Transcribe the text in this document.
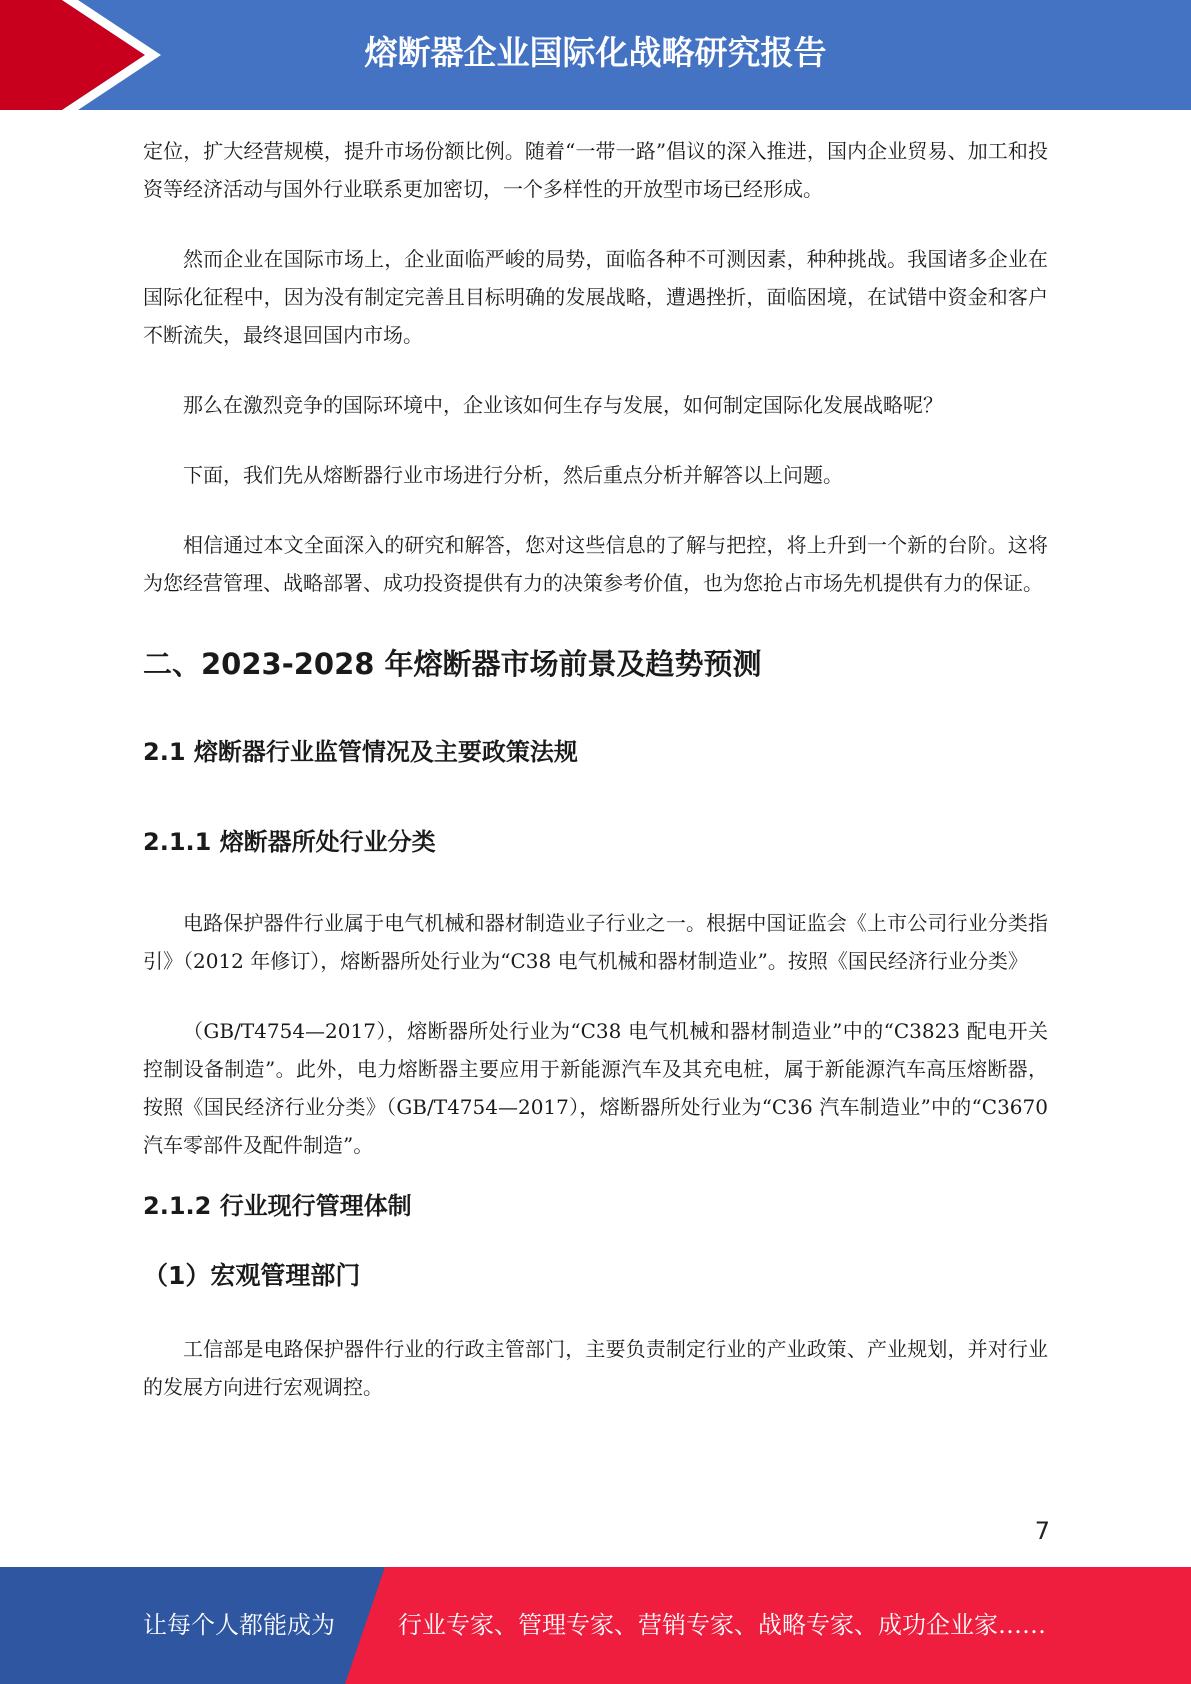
熔断器企业国际化战略研究报告

定位，扩大经营规模，提升市场份额比例。随着“一带一路”倡议的深入推进，国内企业贸易、加工和投资等经济活动与国外行业联系更加密切，一个多样性的开放型市场已经形成。

然而企业在国际市场上，企业面临严峻的局势，面临各种不可测因素，种种挑战。我国诸多企业在国际化征程中，因为没有制定完善且目标明确的发展战略，遭遇挫折，面临困境，在试错中资金和客户不断流失，最终退回国内市场。

那么在激烈竞争的国际环境中，企业该如何生存与发展，如何制定国际化发展战略呢？

下面，我们先从熔断器行业市场进行分析，然后重点分析并解答以上问题。

相信通过本文全面深入的研究和解答，您对这些信息的了解与把控，将上升到一个新的台阶。这将为您经营管理、战略部署、成功投资提供有力的决策参考价值，也为您抢占市场先机提供有力的保证。

二、2023-2028 年熔断器市场前景及趋势预测
2.1 熔断器行业监管情况及主要政策法规
2.1.1 熔断器所处行业分类

电路保护器件行业属于电气机械和器材制造业子行业之一。根据中国证监会《上市公司行业分类指引》（2012 年修订），熔断器所处行业为“C38 电气机械和器材制造业”。按照《国民经济行业分类》

（GB/T4754—2017），熔断器所处行业为“C38 电气机械和器材制造业”中的“C3823 配电开关控制设备制造”。此外，电力熔断器主要应用于新能源汽车及其充电桩，属于新能源汽车高压熔断器，按照《国民经济行业分类》（GB/T4754—2017），熔断器所处行业为“C36 汽车制造业”中的“C3670 汽车零部件及配件制造”。

2.1.2 行业现行管理体制
（1）宏观管理部门

工信部是电路保护器件行业的行政主管部门，主要负责制定行业的产业政策、产业规划，并对行业的发展方向进行宏观调控。

7
让每个人都能成为	行业专家、管理专家、营销专家、战略专家、成功企业家……
